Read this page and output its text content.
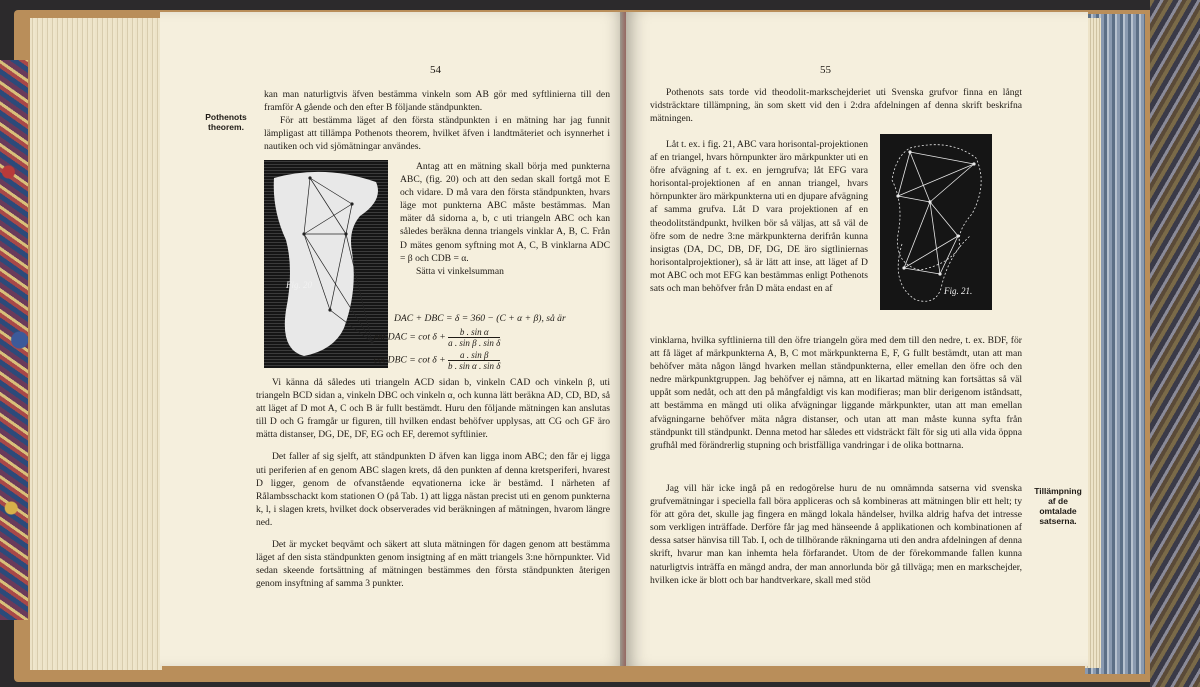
54
Pothenots theorem.

kan man naturligtvis äfven bestämma vinkeln som AB gör med syftlinierna till den framför A gående och den efter B följande ständpunkten.

För att bestämma läget af den första ständpunkten i en mätning har jag funnit lämpligast att tillämpa Pothenots theorem, hvilket äfven i landtmäteriet och isynnerhet i nautiken och vid sjömätningar användes.

Fig. 20

Antag att en mätning skall börja med punkterna ABC, (fig. 20) och att den sedan skall fortgå mot E och vidare. D må vara den första ständpunkten, hvars läge mot punkterna ABC måste bestämmas. Man mäter då sidorna a, b, c uti triangeln ABC och kan således beräkna denna triangels vinklar A, B, C. Från D mätes genom syftning mot A, C, B vinklarna ADC = β och CDB = α.

Sätta vi vinkelsumman

DAC + DBC = δ = 360 − (C + α + β), så är
cot DAC = $\cot \delta + \frac{\text{b . sin α}}{\text{a . sin β . sin δ}}$
cot DBC = $\cot \delta + \frac{\text{a . sin β}}{\text{b . sin α . sin δ}}$

Vi känna då således uti triangeln ACD sidan b, vinkeln CAD och vinkeln β, uti triangeln BCD sidan a, vinkeln DBC och vinkeln α, och kunna lätt beräkna AD, CD, BD, så att läget af D mot A, C och B är fullt bestämdt. Huru den följande mätningen kan anslutas till D och G framgår ur figuren, till hvilken endast behöfver upplysas, att CG och GF äro mätta distanser, DG, DE, DF, EG och EF, deremot syftlinier.

Det faller af sig sjelft, att ständpunkten D äfven kan ligga inom ABC; den får ej ligga uti periferien af en genom ABC slagen krets, då den punkten af denna kretsperiferi, hvarest D ligger, genom de ofvanstående eqvationerna icke är bestämd. I närheten af Rålambsschackt kom stationen O (på Tab. 1) att ligga nästan precist uti en genom punkterna k, l, i slagen krets, hvilket dock observerades vid beräkningen af mätningen, hvarom längre ned.

Det är mycket beqvämt och säkert att sluta mätningen för dagen genom att bestämma läget af den sista ständpunkten genom insigtning af en mätt triangels 3:ne hörnpunkter. Vid sedan skeende fortsättning af mätningen bestämmes den första ständpunkten återigen genom insyftning af samma 3 punkter.

55

Pothenots sats torde vid theodolit-markschejderiet uti Svenska grufvor finna en långt vidsträcktare tillämpning, än som skett vid den i 2:dra afdelningen af denna skrift beskrifna mätningen.

Låt t. ex. i fig. 21, ABC vara horisontal-projektionen af en triangel, hvars hörnpunkter äro märkpunkter uti en öfre afvägning af t. ex. en jerngrufva; låt EFG vara horisontal-projektionen af en annan triangel, hvars hörnpunkter äro märkpunkterna uti en djupare afvägning af samma grufva. Låt D vara projektionen af en theodolitständpunkt, hvilken bör så väljas, att så väl de öfre som de nedre 3:ne märkpunkterna derifrån kunna insigtas (DA, DC, DB, DF, DG, DE äro sigtliniernas horisontalprojektioner), så är lätt att inse, att läget af D mot ABC och mot EFG kan bestämmas enligt Pothenots sats och man behöfver från D mäta endast en af	Fig. 21.

vinklarna, hvilka syftlinierna till den öfre triangeln göra med dem till den nedre, t. ex. BDF, för att få läget af märkpunkterna A, B, C mot märkpunkterna E, F, G fullt bestämdt, utan att man behöfver mäta någon längd hvarken mellan ständpunkterna, eller emellan den öfre och den nedre märkpunktgruppen. Jag behöfver ej nämna, att en likartad mätning kan fortsättas så väl uppåt som nedåt, och att den på mångfaldigt vis kan modifieras; man blir derigenom istândsatt, att bestämma en mängd uti olika afvägningar liggande märkpunkter, utan att man emellan afvägningarne behöfver mäta några distanser, och utan att man måste kunna syfta från ständpunkt till ständpunkt. Denna metod har således ett vidsträckt fält för sig uti alla vida öppna grufhål med förändrerlig stupning och bristfälliga vandringar i de olika bottnarna.

Jag vill här icke ingå på en redogörelse huru de nu omnämnda satserna vid svenska grufvemätningar i speciella fall böra appliceras och så kombineras att mätningen blir ett helt; ty för att göra det, skulle jag fingera en mängd lokala händelser, hvilka aldrig hafva det intresse som verkligen inträffade. Derföre får jag med hänseende å applikationen och kombinationen af dessa satser hänvisa till Tab. I, och de tillhörande räkningarna uti den andra afdelningen af denna skrift, hvarur man kan inhemta hela förfarandet. Utom de der förekommande fallen kunna naturligtvis inträffa en mängd andra, der man annorlunda bör gå tillväga; men en markschejder, hvilken icke är blott och bar handtverkare, skall med stöd

Tillämpning af de omtalade satserna.
